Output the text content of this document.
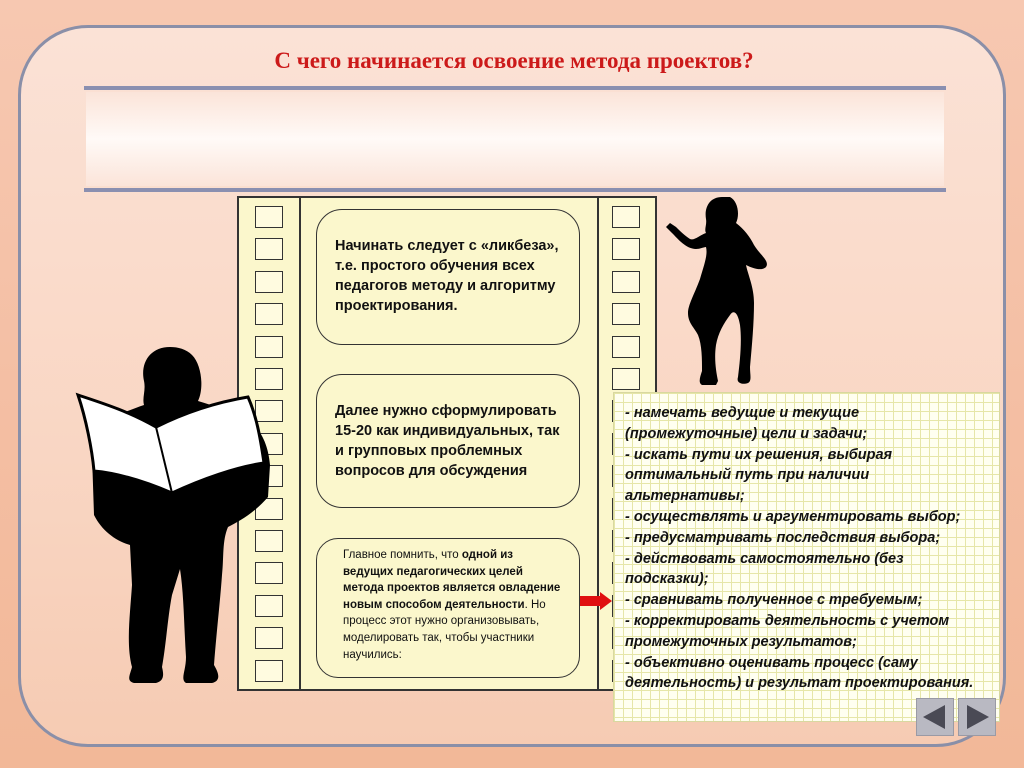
С чего начинается освоение метода проектов?
Начинать следует с «ликбеза», т.е. простого обучения всех педагогов методу и алгоритму проектирования.
Далее нужно сформулировать 15-20 как индивидуальных, так и групповых проблемных вопросов для обсуждения
Главное помнить, что одной из ведущих педагогических целей метода проектов является овладение новым способом деятельности. Но процесс этот нужно организовывать, моделировать так, чтобы участники научились:

- намечать ведущие и текущие (промежуточные) цели и задачи;

- искать пути их решения, выбирая оптимальный путь при наличии альтернативы;

- осуществлять и аргументировать выбор;

- предусматривать последствия выбора;

- действовать самостоятельно (без подсказки);

- сравнивать полученное с требуемым;

- корректировать деятельность с учетом промежуточных результатов;

- объективно оценивать процесс (саму деятельность) и результат проектирования.
